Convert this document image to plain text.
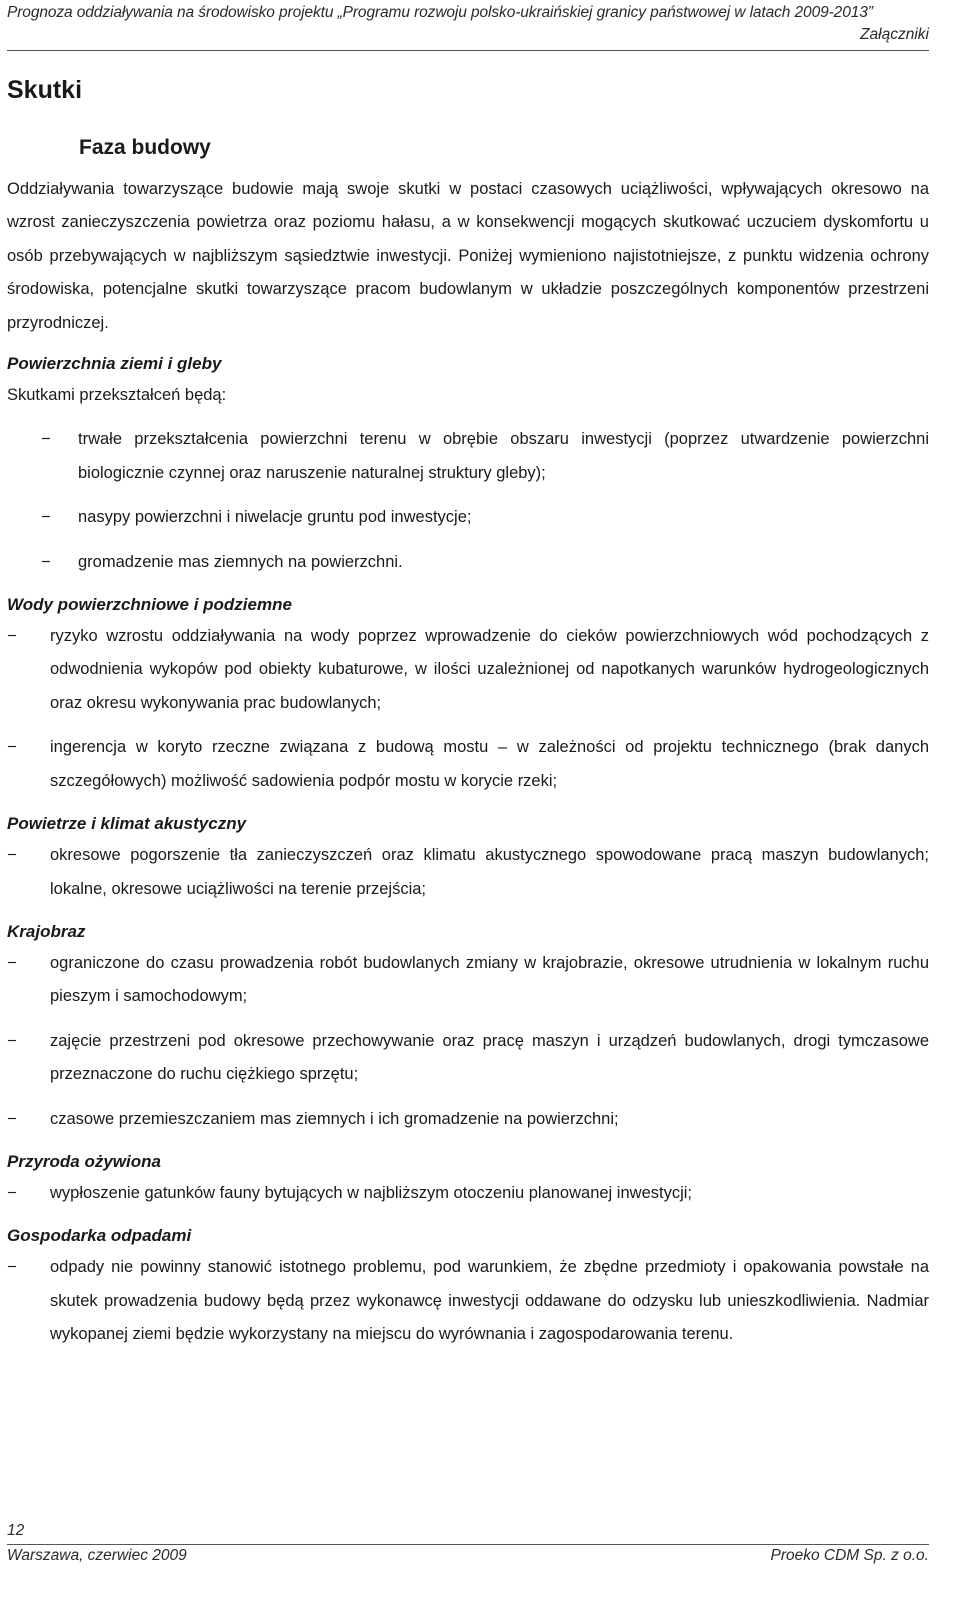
Prognoza oddziaływania na środowisko projektu „Programu rozwoju polsko-ukraińskiej granicy państwowej w latach 2009-2013”
Załączniki
Skutki
Faza budowy

Oddziaływania towarzyszące budowie mają swoje skutki w postaci czasowych uciążliwości, wpływających okresowo na wzrost zanieczyszczenia powietrza oraz poziomu hałasu, a w konsekwencji mogących skutkować uczuciem dyskomfortu u osób przebywających w najbliższym sąsiedztwie inwestycji. Poniżej wymieniono najistotniejsze, z punktu widzenia ochrony środowiska, potencjalne skutki towarzyszące pracom budowlanym w układzie poszczególnych komponentów przestrzeni przyrodniczej.

Powierzchnia ziemi i gleby

Skutkami przekształceń będą:

− trwałe przekształcenia powierzchni terenu w obrębie obszaru inwestycji (poprzez utwardzenie powierzchni biologicznie czynnej oraz naruszenie naturalnej struktury gleby);
− nasypy powierzchni i niwelacje gruntu pod inwestycje;
− gromadzenie mas ziemnych na powierzchni.

Wody powierzchniowe i podziemne

− ryzyko wzrostu oddziaływania na wody poprzez wprowadzenie do cieków powierzchniowych wód pochodzących z odwodnienia wykopów pod obiekty kubaturowe, w ilości uzależnionej od napotkanych warunków hydrogeologicznych oraz okresu wykonywania prac budowlanych;
− ingerencja w koryto rzeczne związana z budową mostu – w zależności od projektu technicznego (brak danych szczegółowych) możliwość sadowienia podpór mostu w korycie rzeki;

Powietrze i klimat akustyczny

− okresowe pogorszenie tła zanieczyszczeń oraz klimatu akustycznego spowodowane pracą maszyn budowlanych; lokalne, okresowe uciążliwości na terenie przejścia;

Krajobraz

− ograniczone do czasu prowadzenia robót budowlanych zmiany w krajobrazie, okresowe utrudnienia w lokalnym ruchu pieszym i samochodowym;
− zajęcie przestrzeni pod okresowe przechowywanie oraz pracę maszyn i urządzeń budowlanych, drogi tymczasowe przeznaczone do ruchu ciężkiego sprzętu;
− czasowe przemieszczaniem mas ziemnych i ich gromadzenie na powierzchni;

Przyroda ożywiona

− wypłoszenie gatunków fauny bytujących w najbliższym otoczeniu planowanej inwestycji;

Gospodarka odpadami

− odpady nie powinny stanowić istotnego problemu, pod warunkiem, że zbędne przedmioty i opakowania powstałe na skutek prowadzenia budowy będą przez wykonawcę inwestycji oddawane do odzysku lub unieszkodliwienia. Nadmiar wykopanej ziemi będzie wykorzystany na miejscu do wyrównania i zagospodarowania terenu.
12
Warszawa, czerwiec 2009	Proeko CDM Sp. z o.o.
